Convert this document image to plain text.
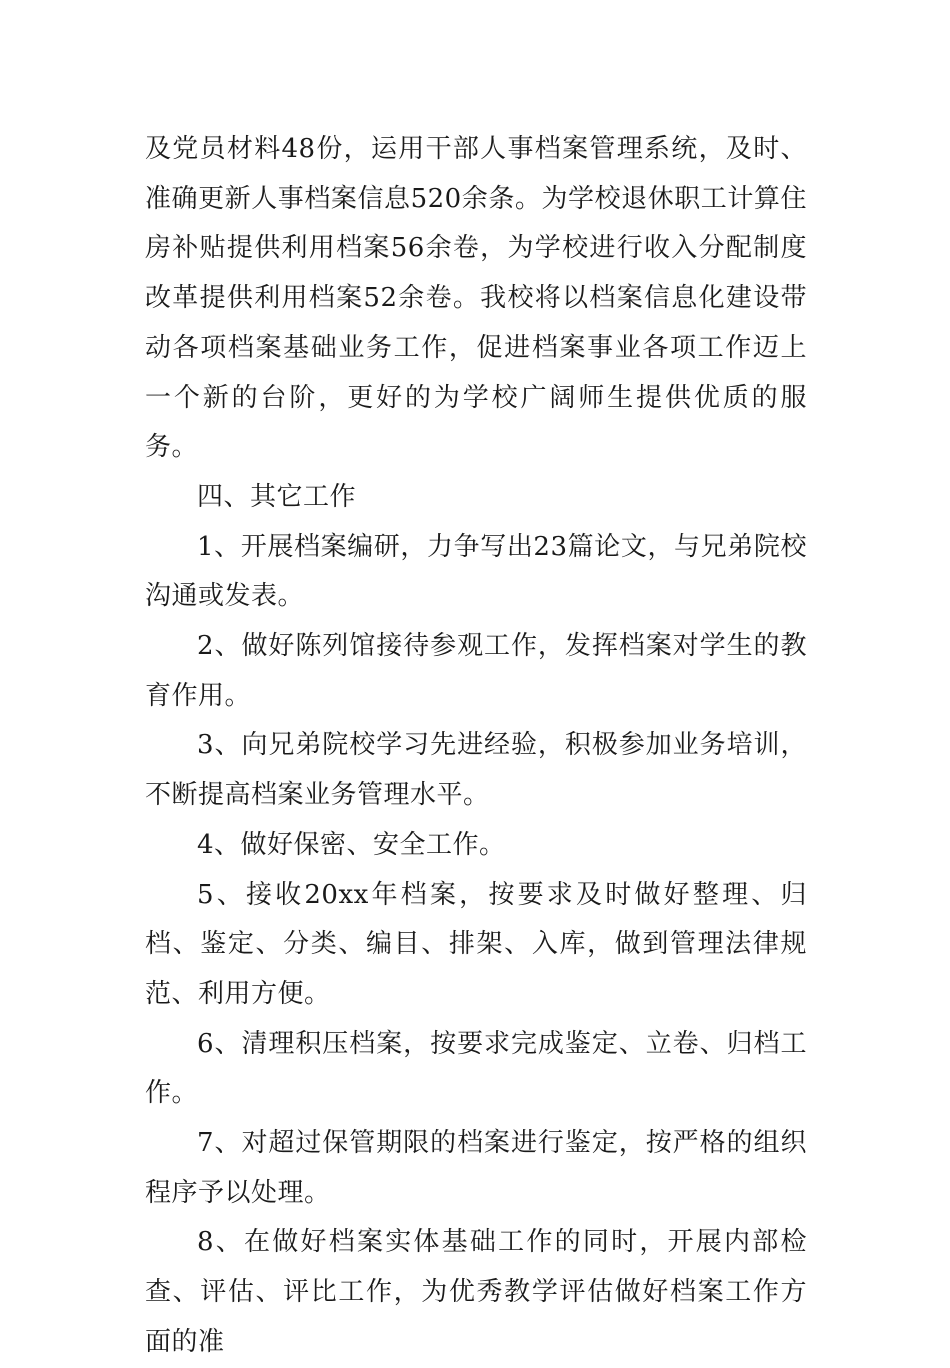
及党员材料48份，运用干部人事档案管理系统，及时、准确更新人事档案信息520余条。为学校退休职工计算住房补贴提供利用档案56余卷，为学校进行收入分配制度改革提供利用档案52余卷。我校将以档案信息化建设带动各项档案基础业务工作，促进档案事业各项工作迈上一个新的台阶，更好的为学校广阔师生提供优质的服务。

四、其它工作

1、开展档案编研，力争写出23篇论文，与兄弟院校沟通或发表。

2、做好陈列馆接待参观工作，发挥档案对学生的教育作用。

3、向兄弟院校学习先进经验，积极参加业务培训，不断提高档案业务管理水平。

4、做好保密、安全工作。

5、接收20xx年档案，按要求及时做好整理、归档、鉴定、分类、编目、排架、入库，做到管理法律规范、利用方便。

6、清理积压档案，按要求完成鉴定、立卷、归档工作。

7、对超过保管期限的档案进行鉴定，按严格的组织程序予以处理。

8、在做好档案实体基础工作的同时，开展内部检查、评估、评比工作，为优秀教学评估做好档案工作方面的准
